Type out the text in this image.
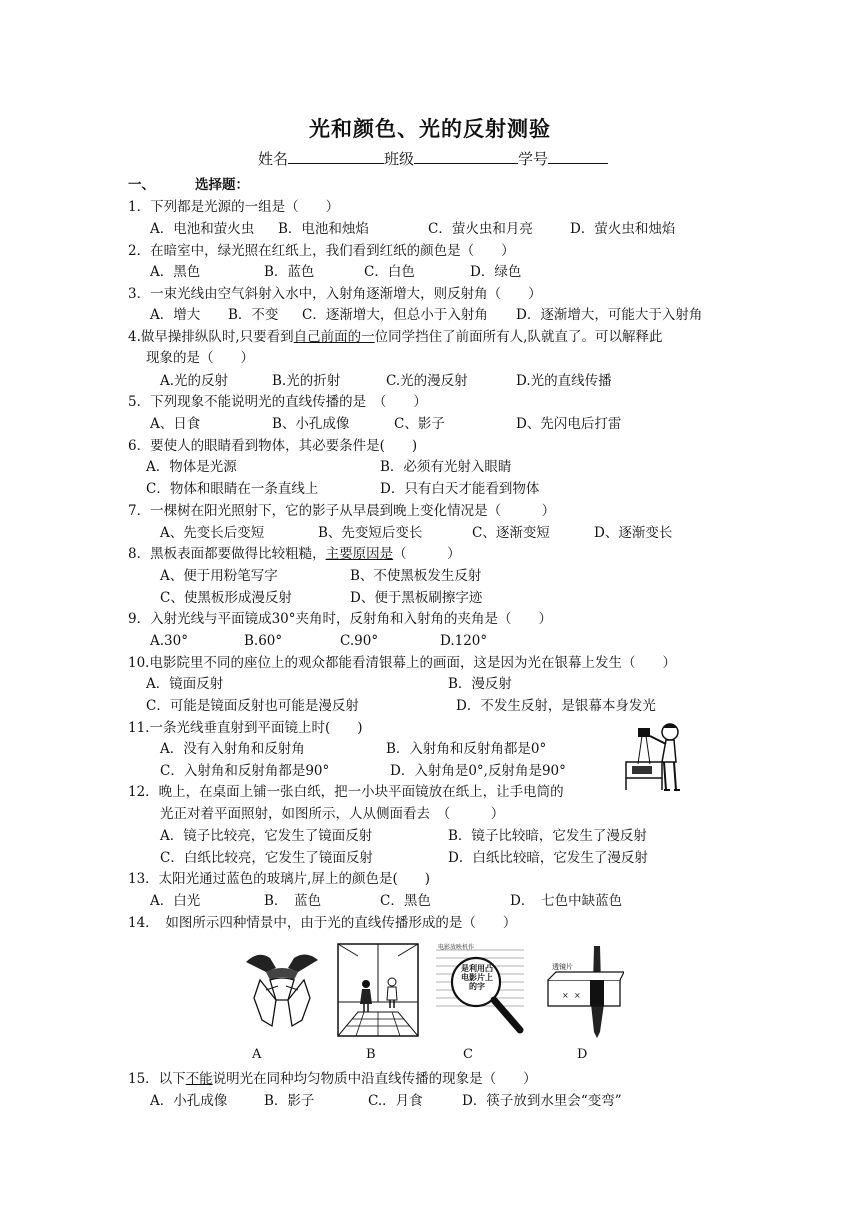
光和颜色、光的反射测验
姓名	班级	学号
一、	选择题：
1．下列都是光源的一组是（　　）
A．电池和萤火虫 B．电池和烛焰	C．萤火虫和月亮	D．萤火虫和烛焰
2．在暗室中，绿光照在红纸上，我们看到红纸的颜色是（　　）
A．黑色	B．蓝色	C．白色	D．绿色
3．一束光线由空气斜射入水中，入射角逐渐增大，则反射角（　　）
A．增大 B．不变 C．逐渐增大，但总小于入射角 D．逐渐增大，可能大于入射角
4.做早操排纵队时,只要看到自己前面的一位同学挡住了前面所有人,队就直了。可以解释此
现象的是（　　）
A.光的反射	B.光的折射	C.光的漫反射	D.光的直线传播
5．下列现象不能说明光的直线传播的是　（　　）
A、日食	B、小孔成像	C、影子	D、先闪电后打雷
6．要使人的眼睛看到物体，其必要条件是(　　)
A．物体是光源	B．必须有光射入眼睛
C．物体和眼睛在一条直线上	D．只有白天才能看到物体
7．一棵树在阳光照射下，它的影子从早晨到晚上变化情况是（　　　）
A、先变长后变短	B、先变短后变长	C、逐渐变短	D、逐渐变长
8．黑板表面都要做得比较粗糙，主要原因是（　　　）
A、便于用粉笔写字	B、不使黑板发生反射
C、使黑板形成漫反射	D、便于黑板刷擦字迹
9．入射光线与平面镜成30°夹角时，反射角和入射角的夹角是（　　）
A.30°	B.60°	C.90°	D.120°
10.电影院里不同的座位上的观众都能看清银幕上的画面，这是因为光在银幕上发生（　　）
A．镜面反射	B．漫反射
C．可能是镜面反射也可能是漫反射	D．不发生反射，是银幕本身发光
11.一条光线垂直射到平面镜上时(　　)
A．没有入射角和反射角	B．入射角和反射角都是0°
C．入射角和反射角都是90°	D．入射角是0°,反射角是90°
12．晚上，在桌面上铺一张白纸，把一小块平面镜放在纸上，让手电筒的
光正对着平面照射，如图所示，人从侧面看去　（　　　）
A．镜子比较亮，它发生了镜面反射	B．镜子比较暗，它发生了漫反射
C．白纸比较亮，它发生了镜面反射	D．白纸比较暗，它发生了漫反射
13．太阳光通过蓝色的玻璃片,屏上的颜色是(　　)
A．白光	B．　蓝色	C．黑色	D．　七色中缺蓝色
14．　如图所示四种情景中，由于光的直线传播形成的是（　　）
是利用凸
电影片上
的字
电影放映机作
× ×
透镜片
A	B	C	D
15．以下不能说明光在同种均匀物质中沿直线传播的现象是（　　）
A．小孔成像	B．影子	C.．月食	D．筷子放到水里会“变弯”
